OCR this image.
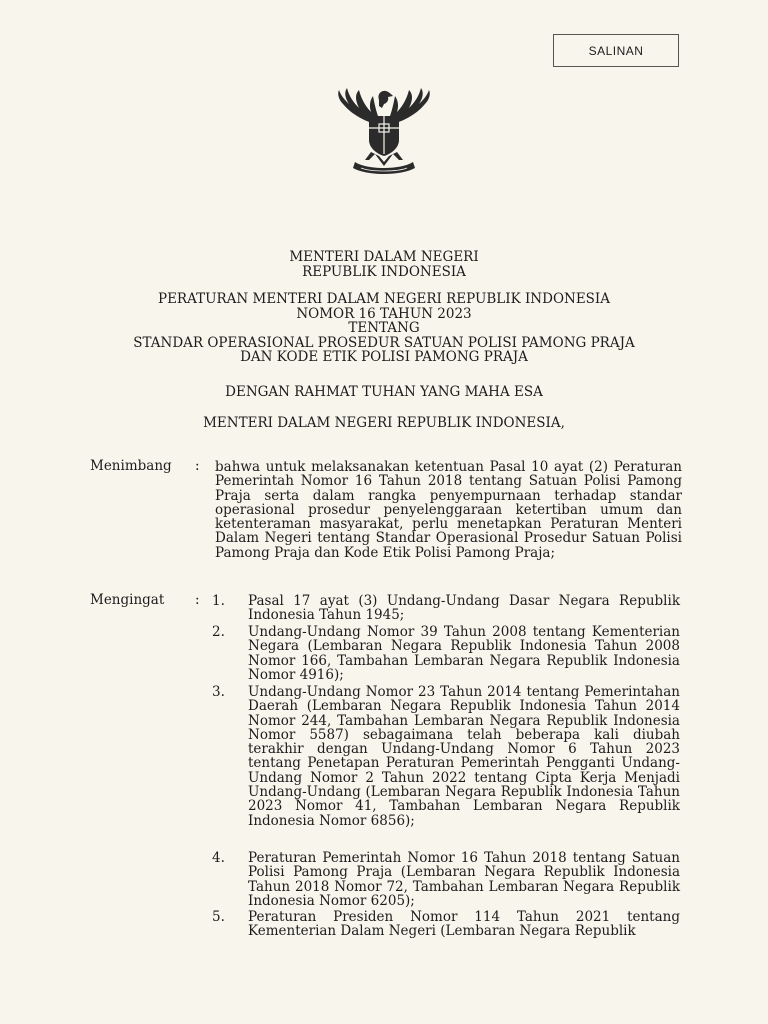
SALINAN
MENTERI DALAM NEGERI
REPUBLIK INDONESIA
PERATURAN MENTERI DALAM NEGERI REPUBLIK INDONESIA
NOMOR 16 TAHUN 2023
TENTANG
STANDAR OPERASIONAL PROSEDUR SATUAN POLISI PAMONG PRAJA
DAN KODE ETIK POLISI PAMONG PRAJA
DENGAN RAHMAT TUHAN YANG MAHA ESA
MENTERI DALAM NEGERI REPUBLIK INDONESIA,
Menimbang : bahwa untuk melaksanakan ketentuan Pasal 10 ayat (2) Peraturan Pemerintah Nomor 16 Tahun 2018 tentang Satuan Polisi Pamong Praja serta dalam rangka penyempurnaan terhadap standar operasional prosedur penyelenggaraan ketertiban umum dan ketenteraman masyarakat, perlu menetapkan Peraturan Menteri Dalam Negeri tentang Standar Operasional Prosedur Satuan Polisi Pamong Praja dan Kode Etik Polisi Pamong Praja;
Mengingat : 1.	Pasal 17 ayat (3) Undang-Undang Dasar Negara Republik Indonesia Tahun 1945;
2.	Undang-Undang Nomor 39 Tahun 2008 tentang Kementerian Negara (Lembaran Negara Republik Indonesia Tahun 2008 Nomor 166, Tambahan Lembaran Negara Republik Indonesia Nomor 4916);
3.	Undang-Undang Nomor 23 Tahun 2014 tentang Pemerintahan Daerah (Lembaran Negara Republik Indonesia Tahun 2014 Nomor 244, Tambahan Lembaran Negara Republik Indonesia Nomor 5587) sebagaimana telah beberapa kali diubah terakhir dengan Undang-Undang Nomor 6 Tahun 2023 tentang Penetapan Peraturan Pemerintah Pengganti Undang-Undang Nomor 2 Tahun 2022 tentang Cipta Kerja Menjadi Undang-Undang (Lembaran Negara Republik Indonesia Tahun 2023 Nomor 41, Tambahan Lembaran Negara Republik Indonesia Nomor 6856);
4.	Peraturan Pemerintah Nomor 16 Tahun 2018 tentang Satuan Polisi Pamong Praja (Lembaran Negara Republik Indonesia Tahun 2018 Nomor 72, Tambahan Lembaran Negara Republik Indonesia Nomor 6205);
5.	Peraturan Presiden Nomor 114 Tahun 2021 tentang Kementerian Dalam Negeri (Lembaran Negara Republik
